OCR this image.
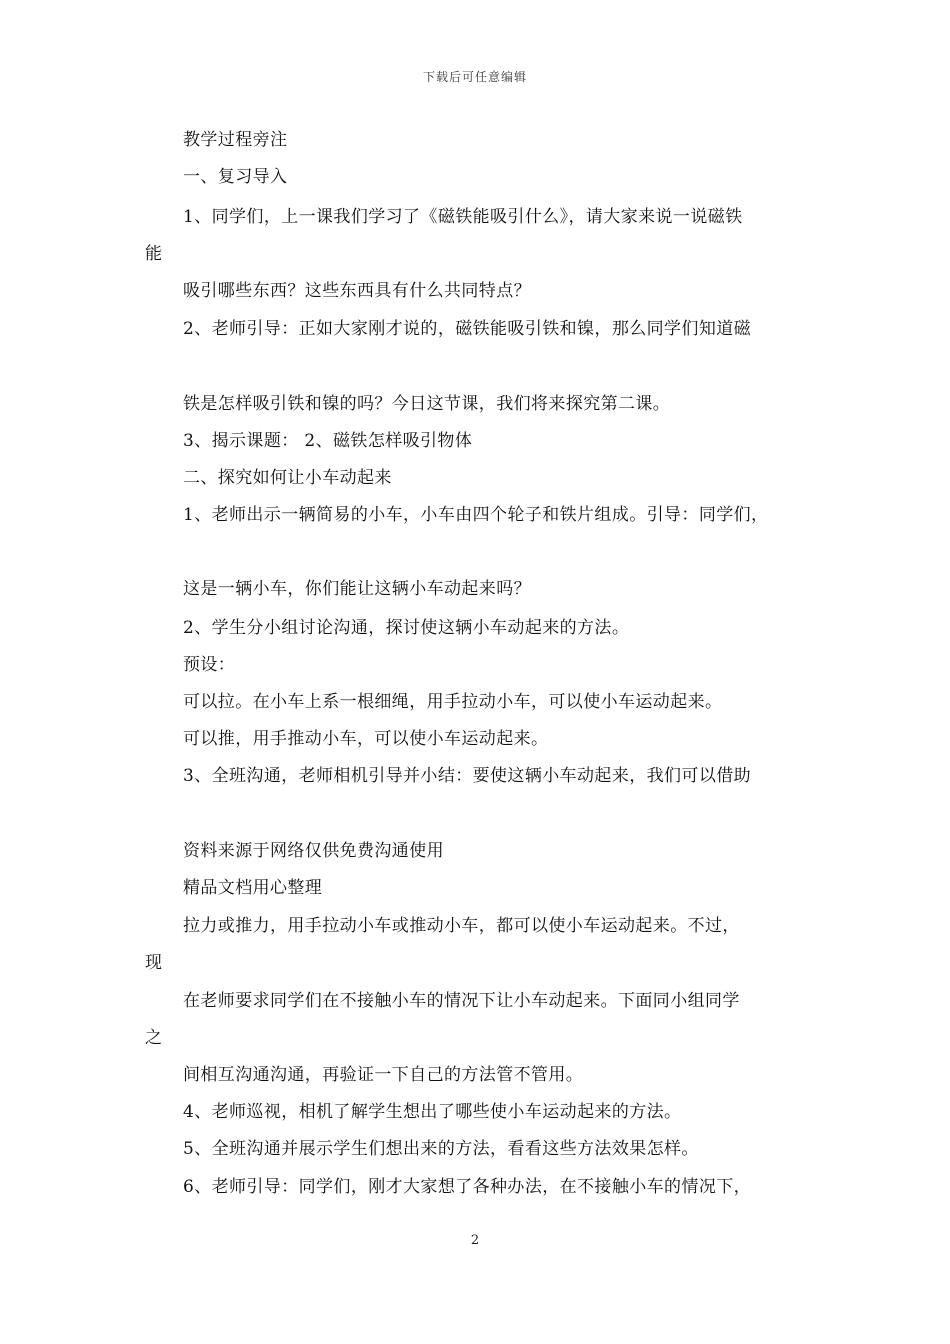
下载后可任意编辑
教学过程旁注
一、复习导入
1、同学们，上一课我们学习了《磁铁能吸引什么》，请大家来说一说磁铁
能
吸引哪些东西？这些东西具有什么共同特点？
2、老师引导：正如大家刚才说的，磁铁能吸引铁和镍，那么同学们知道磁
铁是怎样吸引铁和镍的吗？今日这节课，我们将来探究第二课。
3、揭示课题： 2、磁铁怎样吸引物体
二、探究如何让小车动起来
1、老师出示一辆简易的小车，小车由四个轮子和铁片组成。引导：同学们，
这是一辆小车，你们能让这辆小车动起来吗？
2、学生分小组讨论沟通，探讨使这辆小车动起来的方法。
预设：
可以拉。在小车上系一根细绳，用手拉动小车，可以使小车运动起来。
可以推，用手推动小车，可以使小车运动起来。
3、全班沟通，老师相机引导并小结：要使这辆小车动起来，我们可以借助
资料来源于网络仅供免费沟通使用
精品文档用心整理
拉力或推力，用手拉动小车或推动小车，都可以使小车运动起来。不过，
现
在老师要求同学们在不接触小车的情况下让小车动起来。下面同小组同学
之
间相互沟通沟通，再验证一下自己的方法管不管用。
4、老师巡视，相机了解学生想出了哪些使小车运动起来的方法。
5、全班沟通并展示学生们想出来的方法，看看这些方法效果怎样。
6、老师引导：同学们，刚才大家想了各种办法，在不接触小车的情况下，
2
